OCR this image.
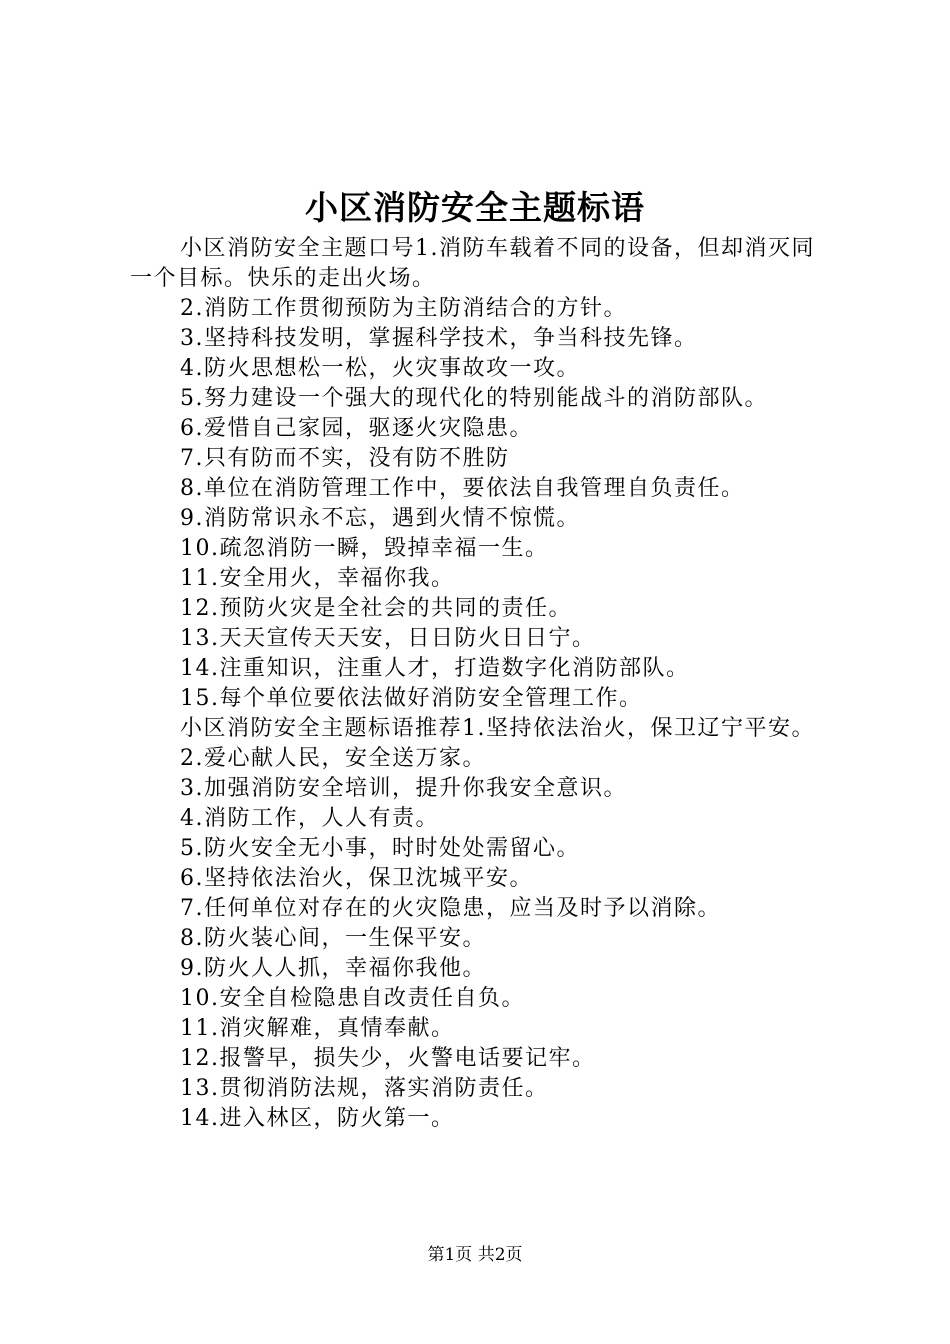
小区消防安全主题标语

小区消防安全主题口号1.消防车载着不同的设备，但却消灭同一个目标。快乐的走出火场。

2.消防工作贯彻预防为主防消结合的方针。

3.坚持科技发明，掌握科学技术，争当科技先锋。

4.防火思想松一松，火灾事故攻一攻。

5.努力建设一个强大的现代化的特别能战斗的消防部队。

6.爱惜自己家园，驱逐火灾隐患。

7.只有防而不实，没有防不胜防

8.单位在消防管理工作中，要依法自我管理自负责任。

9.消防常识永不忘，遇到火情不惊慌。

10.疏忽消防一瞬，毁掉幸福一生。

11.安全用火，幸福你我。

12.预防火灾是全社会的共同的责任。

13.天天宣传天天安，日日防火日日宁。

14.注重知识，注重人才，打造数字化消防部队。

15.每个单位要依法做好消防安全管理工作。

小区消防安全主题标语推荐1.坚持依法治火，保卫辽宁平安。

2.爱心献人民，安全送万家。

3.加强消防安全培训，提升你我安全意识。

4.消防工作，人人有责。

5.防火安全无小事，时时处处需留心。

6.坚持依法治火，保卫沈城平安。

7.任何单位对存在的火灾隐患，应当及时予以消除。

8.防火装心间，一生保平安。

9.防火人人抓，幸福你我他。

10.安全自检隐患自改责任自负。

11.消灾解难，真情奉献。

12.报警早，损失少，火警电话要记牢。

13.贯彻消防法规，落实消防责任。

14.进入林区，防火第一。

第1页 共2页
